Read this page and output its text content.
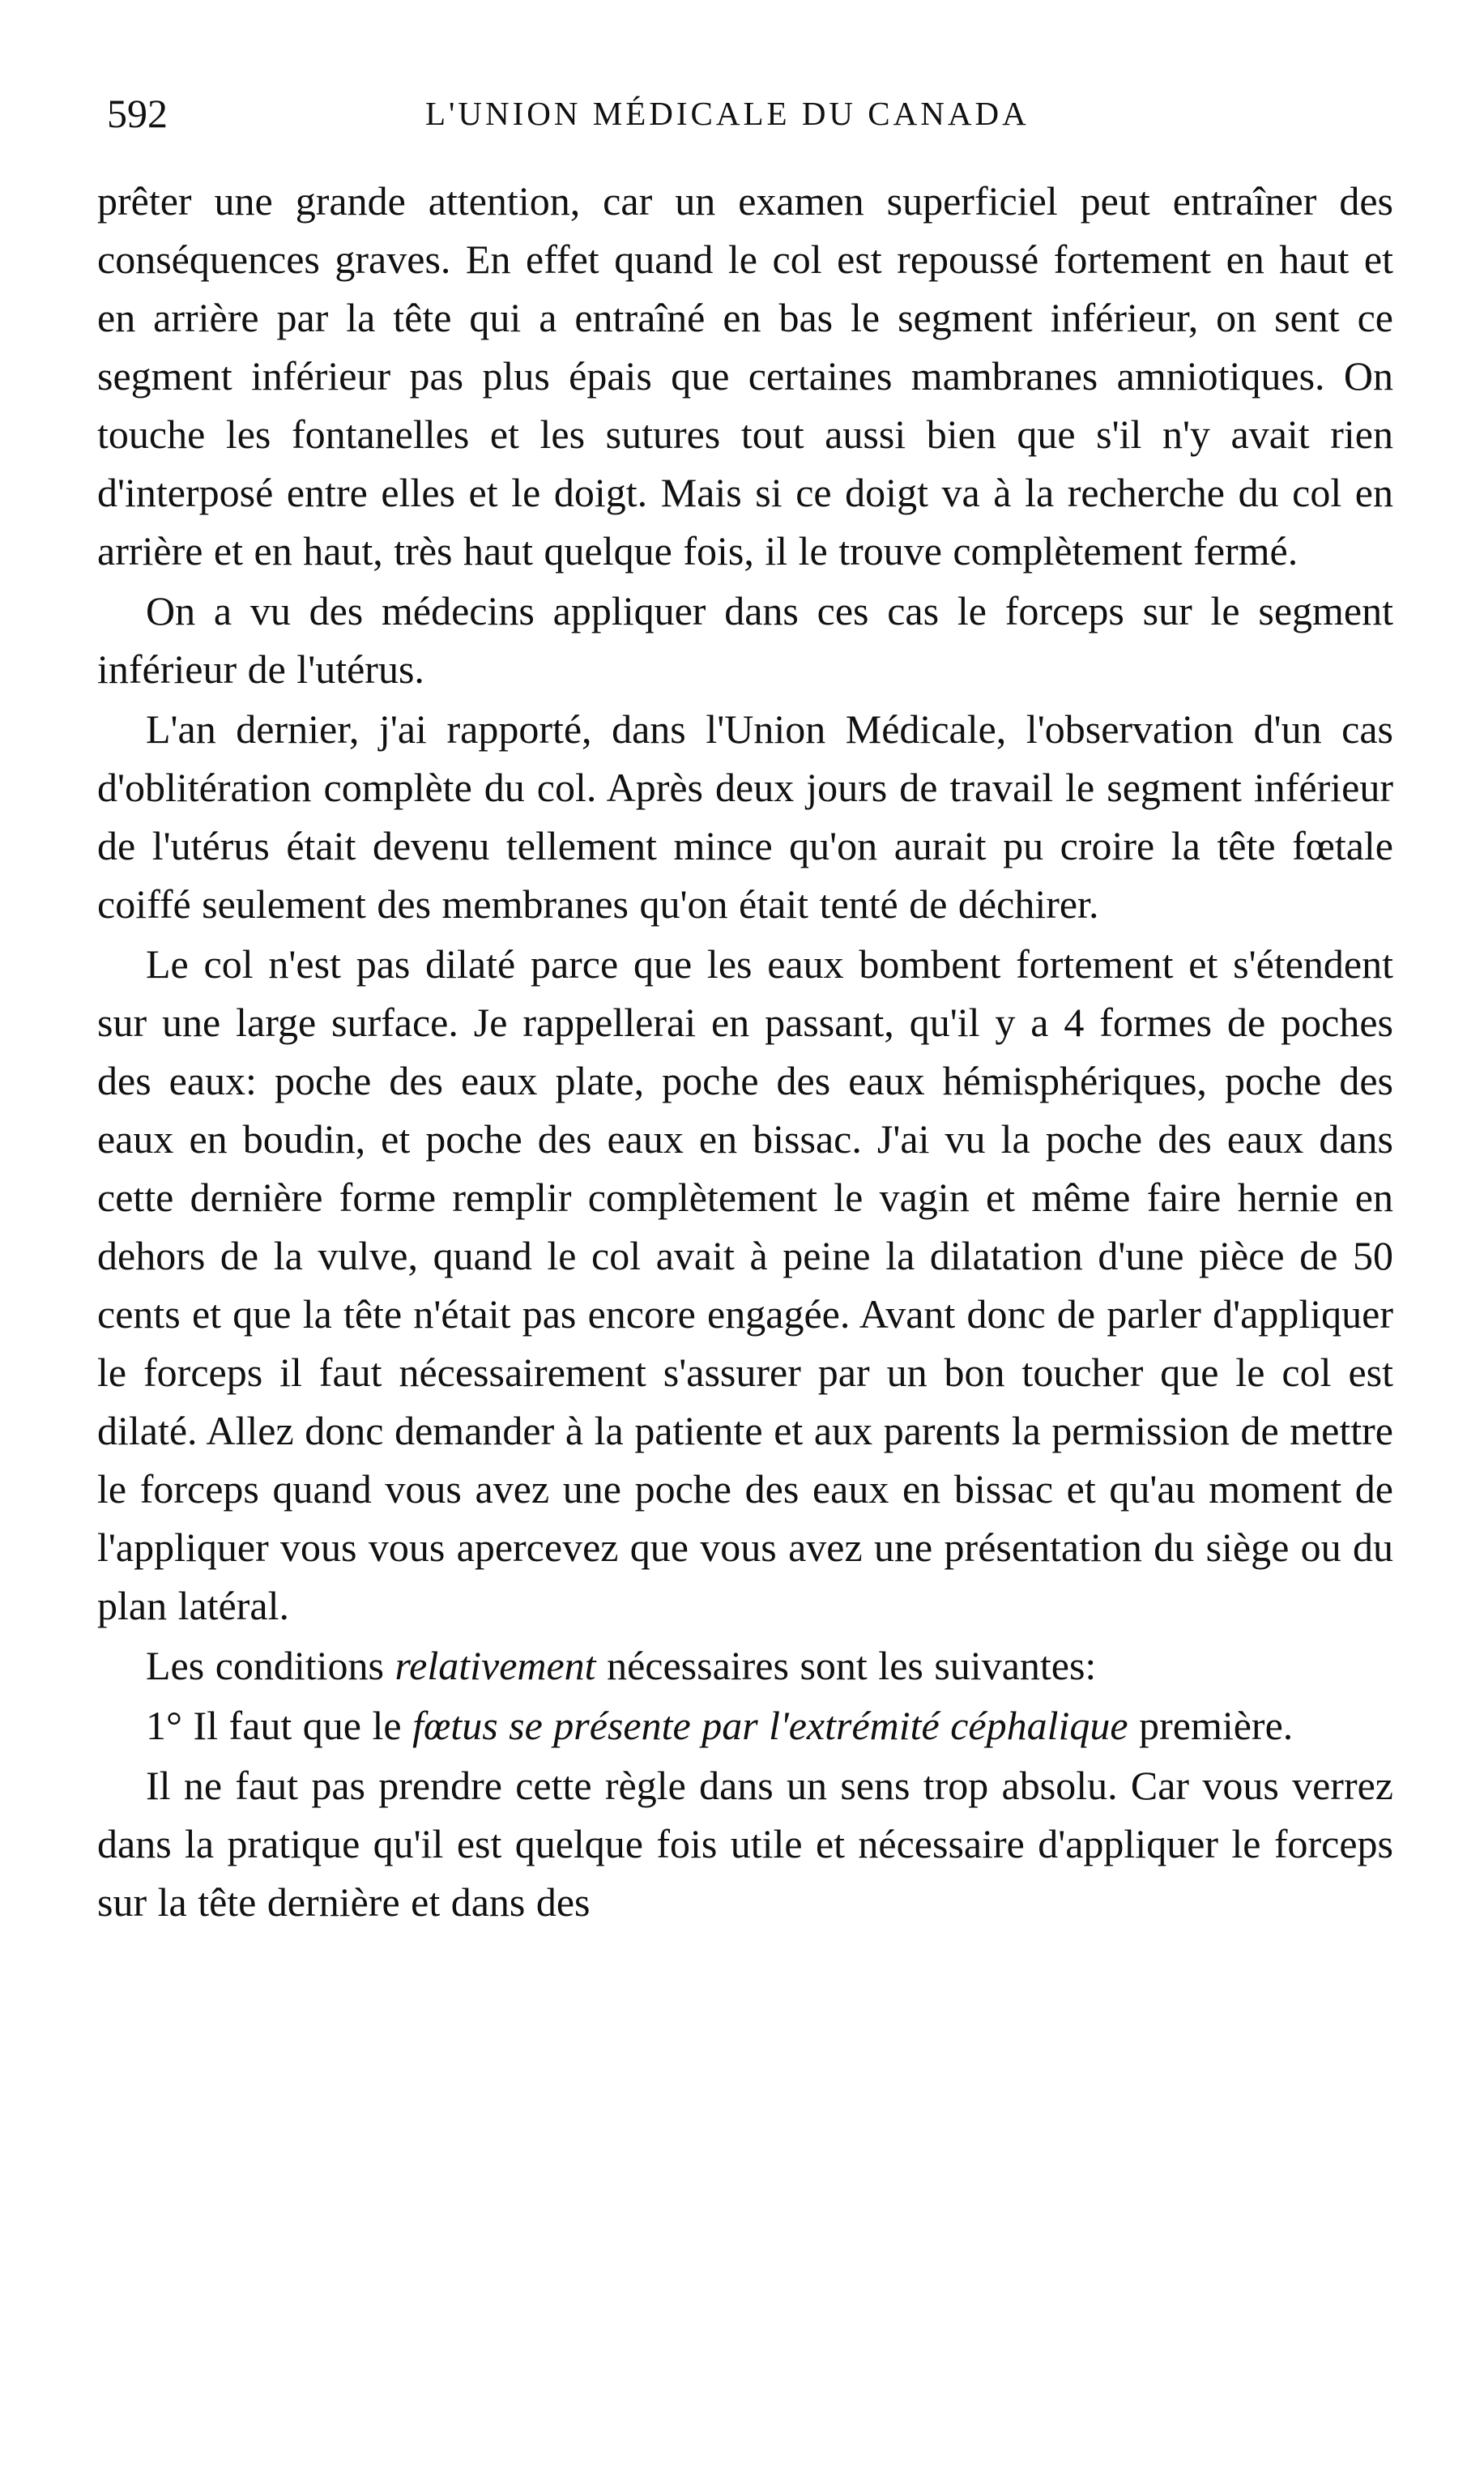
592	L'UNION MÉDICALE DU CANADA

prêter une grande attention, car un examen superficiel peut entraîner des conséquences graves. En effet quand le col est repoussé fortement en haut et en arrière par la tête qui a entraîné en bas le segment inférieur, on sent ce segment inférieur pas plus épais que certaines mambranes amniotiques. On touche les fontanelles et les sutures tout aussi bien que s'il n'y avait rien d'interposé entre elles et le doigt. Mais si ce doigt va à la recherche du col en arrière et en haut, très haut quelque fois, il le trouve complètement fermé.

On a vu des médecins appliquer dans ces cas le forceps sur le segment inférieur de l'utérus.

L'an dernier, j'ai rapporté, dans l'Union Médicale, l'observation d'un cas d'oblitération complète du col. Après deux jours de travail le segment inférieur de l'utérus était devenu tellement mince qu'on aurait pu croire la tête fœtale coiffé seulement des membranes qu'on était tenté de déchirer.

Le col n'est pas dilaté parce que les eaux bombent fortement et s'étendent sur une large surface. Je rappellerai en passant, qu'il y a 4 formes de poches des eaux: poche des eaux plate, poche des eaux hémisphériques, poche des eaux en boudin, et poche des eaux en bissac. J'ai vu la poche des eaux dans cette dernière forme remplir complètement le vagin et même faire hernie en dehors de la vulve, quand le col avait à peine la dilatation d'une pièce de 50 cents et que la tête n'était pas encore engagée. Avant donc de parler d'appliquer le forceps il faut nécessairement s'assurer par un bon toucher que le col est dilaté. Allez donc demander à la patiente et aux parents la permission de mettre le forceps quand vous avez une poche des eaux en bissac et qu'au moment de l'appliquer vous vous apercevez que vous avez une présentation du siège ou du plan latéral.

Les conditions relativement nécessaires sont les suivantes:

1° Il faut que le fœtus se présente par l'extrémité céphalique première.

Il ne faut pas prendre cette règle dans un sens trop absolu. Car vous verrez dans la pratique qu'il est quelque fois utile et nécessaire d'appliquer le forceps sur la tête dernière et dans des
